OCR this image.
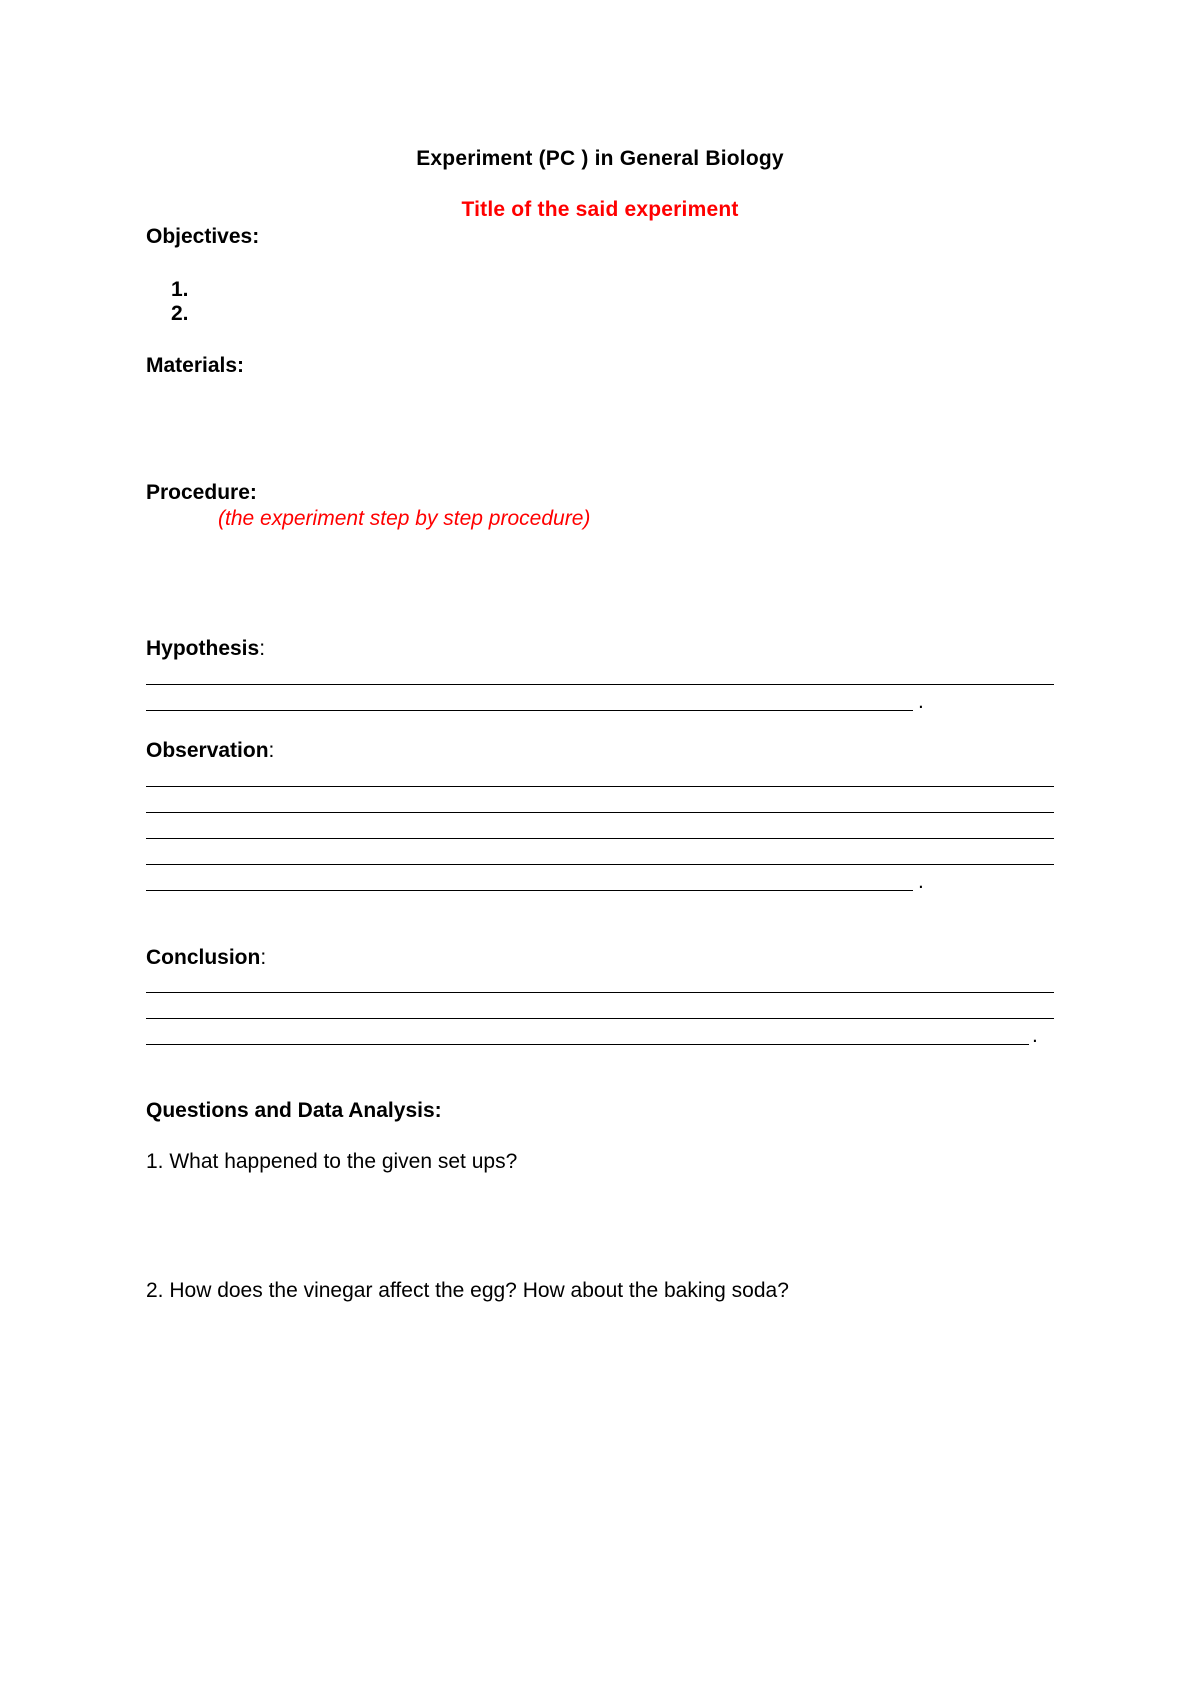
Experiment (PC ) in General Biology
Title of the said experiment
Objectives:
1.
2.
Materials:
Procedure:
(the experiment step by step procedure)
Hypothesis:
.
Observation:
.
Conclusion:
.
Questions and Data Analysis:
1. What happened to the given set ups?
2. How does the vinegar affect the egg? How about the baking soda?
